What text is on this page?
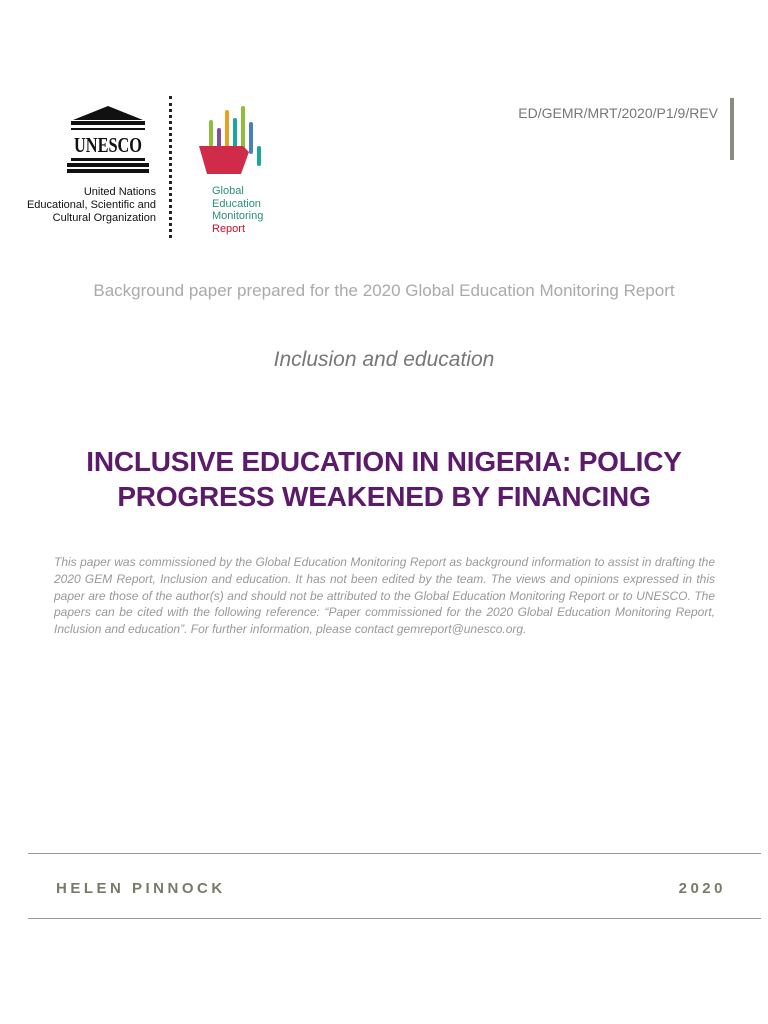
UNESCO
United Nations
Educational, Scientific and
Cultural Organization
Global
Education
Monitoring
Report
ED/GEMR/MRT/2020/P1/9/REV
Background paper prepared for the 2020 Global Education Monitoring Report
Inclusion and education
INCLUSIVE EDUCATION IN NIGERIA: POLICY
PROGRESS WEAKENED BY FINANCING

This paper was commissioned by the Global Education Monitoring Report as background information to assist in drafting the 2020 GEM Report, Inclusion and education. It has not been edited by the team. The views and opinions expressed in this paper are those of the author(s) and should not be attributed to the Global Education Monitoring Report or to UNESCO. The papers can be cited with the following reference: “Paper commissioned for the 2020 Global Education Monitoring Report, Inclusion and education”. For further information, please contact gemreport@unesco.org.

HELEN PINNOCK	2020
